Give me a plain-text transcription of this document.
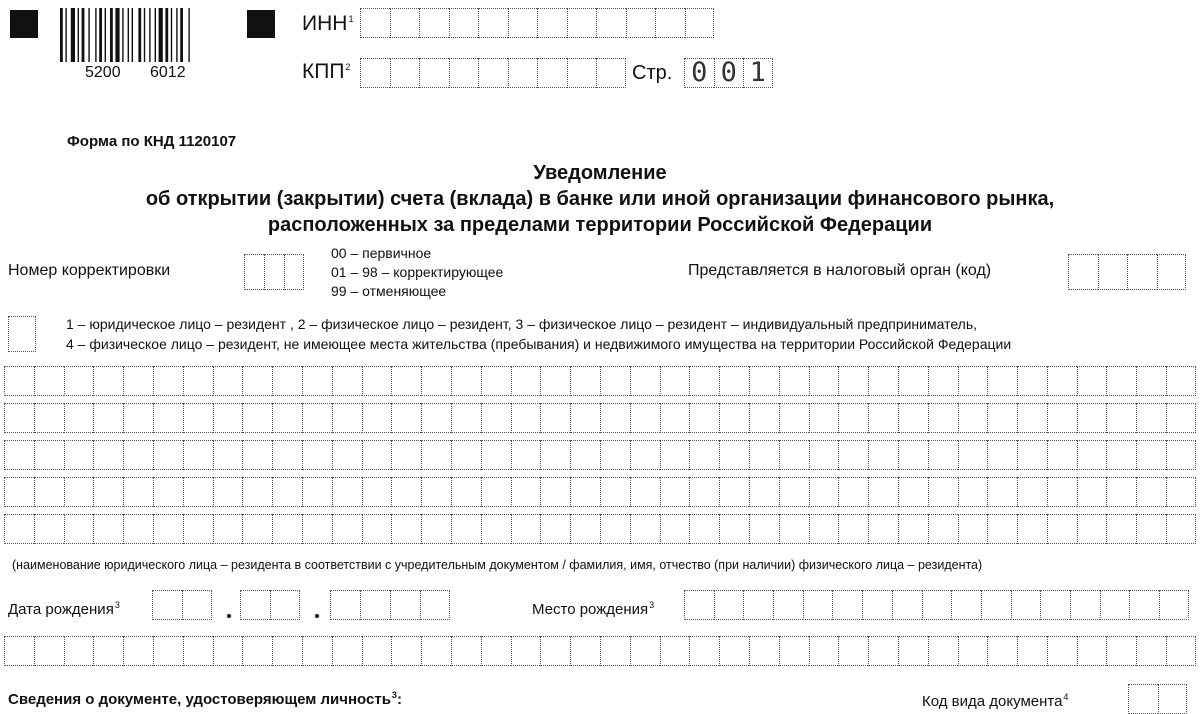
5200 6012
ИНН$^1$
КПП$^2$	Стр. 0 0 1
Форма по КНД 1120107
Уведомление
об открытии (закрытии) счета (вклада) в банке или иной организации финансового рынка,
расположенных за пределами территории Российской Федерации
Номер корректировки
00 – первичное
01 – 98 – корректирующее
99 – отменяющее
Представляется в налоговый орган (код)
1 – юридическое лицо – резидент , 2 – физическое лицо – резидент, 3 – физическое лицо – резидент – индивидуальный предприниматель,
4 – физическое лицо – резидент, не имеющее места жительства (пребывания) и недвижимого имущества на территории Российской Федерации
(наименование юридического лица – резидента в соответствии с учредительным документом / фамилия, имя, отчество (при наличии) физического лица – резидента)
Дата рождения$^3$	Место рождения$^3$
Сведения о документе, удостоверяющем личность$^3$:	Код вида документа$^4$
